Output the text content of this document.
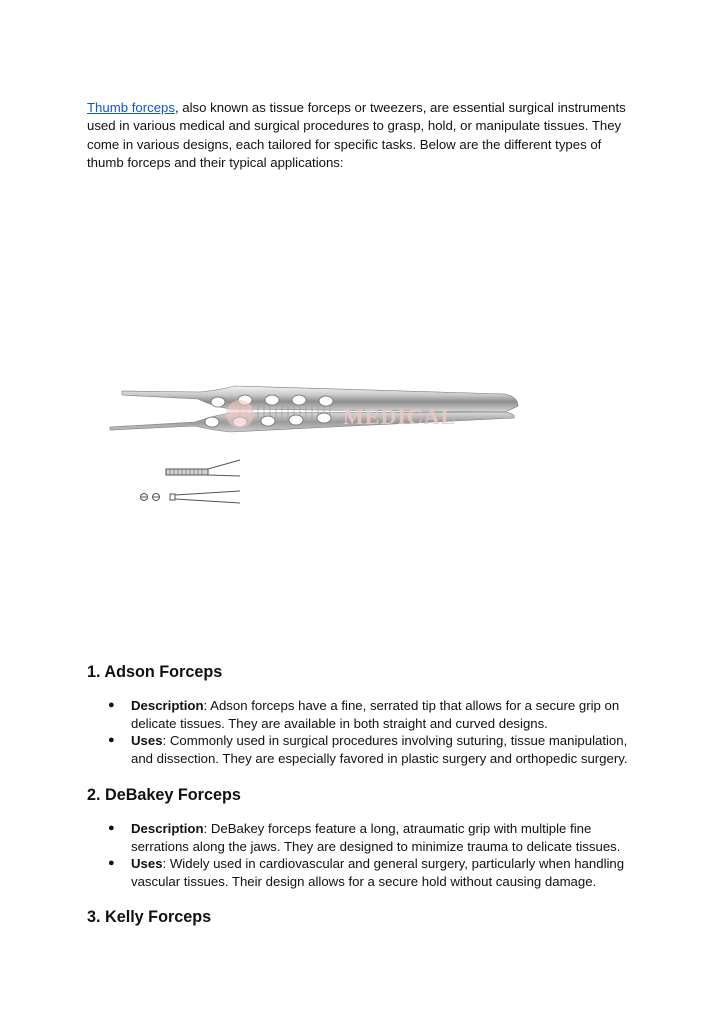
Thumb forceps, also known as tissue forceps or tweezers, are essential surgical instruments used in various medical and surgical procedures to grasp, hold, or manipulate tissues. They come in various designs, each tailored for specific tasks. Below are the different types of thumb forceps and their typical applications:

MEDICAL
1. Adson Forceps
● Description: Adson forceps have a fine, serrated tip that allows for a secure grip on delicate tissues. They are available in both straight and curved designs.
● Uses: Commonly used in surgical procedures involving suturing, tissue manipulation, and dissection. They are especially favored in plastic surgery and orthopedic surgery.
2. DeBakey Forceps
● Description: DeBakey forceps feature a long, atraumatic grip with multiple fine serrations along the jaws. They are designed to minimize trauma to delicate tissues.
● Uses: Widely used in cardiovascular and general surgery, particularly when handling vascular tissues. Their design allows for a secure hold without causing damage.
3. Kelly Forceps
